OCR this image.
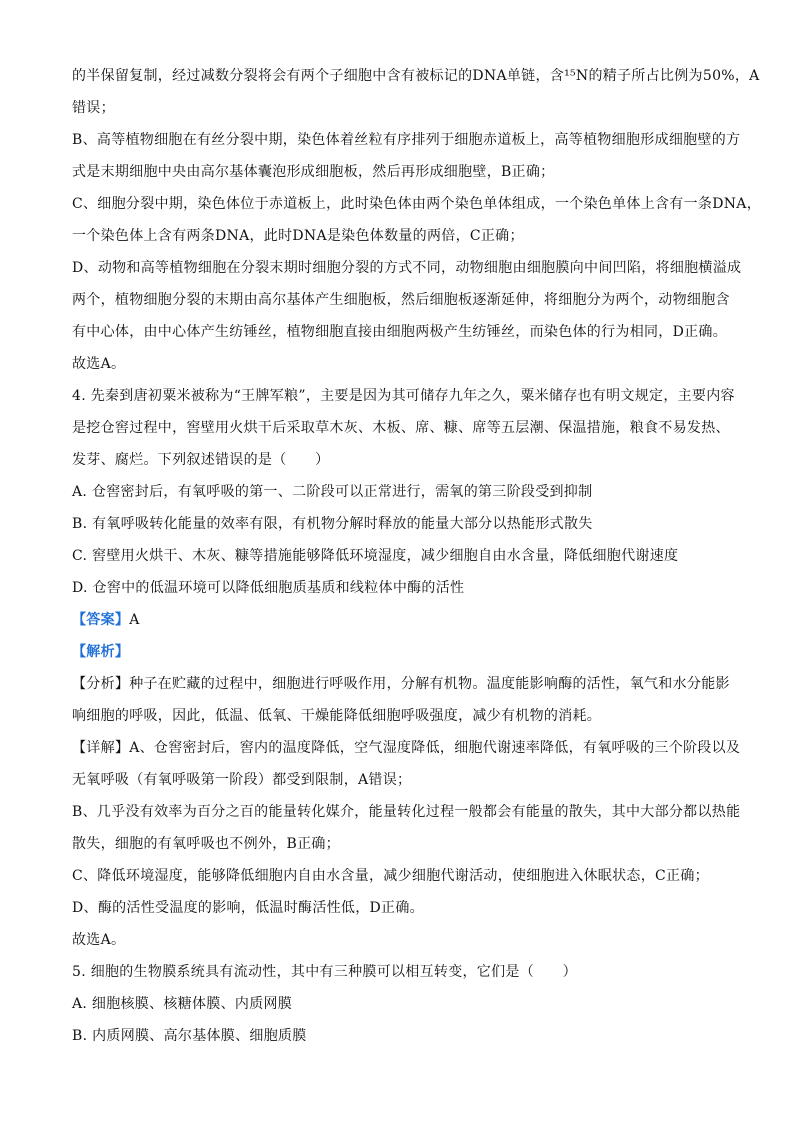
的半保留复制，经过减数分裂将会有两个子细胞中含有被标记的DNA单链，含¹⁵N的精子所占比例为50%，A
错误；
B、高等植物细胞在有丝分裂中期，染色体着丝粒有序排列于细胞赤道板上，高等植物细胞形成细胞壁的方
式是末期细胞中央由高尔基体囊泡形成细胞板，然后再形成细胞壁，B正确；
C、细胞分裂中期，染色体位于赤道板上，此时染色体由两个染色单体组成，一个染色单体上含有一条DNA，
一个染色体上含有两条DNA，此时DNA是染色体数量的两倍，C正确；
D、动物和高等植物细胞在分裂末期时细胞分裂的方式不同，动物细胞由细胞膜向中间凹陷，将细胞横溢成
两个，植物细胞分裂的末期由高尔基体产生细胞板，然后细胞板逐渐延伸，将细胞分为两个，动物细胞含
有中心体，由中心体产生纺锤丝，植物细胞直接由细胞两极产生纺锤丝，而染色体的行为相同，D正确。
故选A。
4. 先秦到唐初粟米被称为“王牌军粮”，主要是因为其可储存九年之久，粟米储存也有明文规定，主要内容
是挖仓窖过程中，窖壁用火烘干后采取草木灰、木板、席、糠、席等五层潮、保温措施，粮食不易发热、
发芽、腐烂。下列叙述错误的是（　　）
A. 仓窖密封后，有氧呼吸的第一、二阶段可以正常进行，需氧的第三阶段受到抑制
B. 有氧呼吸转化能量的效率有限，有机物分解时释放的能量大部分以热能形式散失
C. 窖壁用火烘干、木灰、糠等措施能够降低环境湿度，减少细胞自由水含量，降低细胞代谢速度
D. 仓窖中的低温环境可以降低细胞质基质和线粒体中酶的活性
【答案】A
【解析】
【分析】种子在贮藏的过程中，细胞进行呼吸作用，分解有机物。温度能影响酶的活性，氧气和水分能影
响细胞的呼吸，因此，低温、低氧、干燥能降低细胞呼吸强度，减少有机物的消耗。
【详解】A、仓窖密封后，窖内的温度降低，空气湿度降低，细胞代谢速率降低，有氧呼吸的三个阶段以及
无氧呼吸（有氧呼吸第一阶段）都受到限制，A错误；
B、几乎没有效率为百分之百的能量转化媒介，能量转化过程一般都会有能量的散失，其中大部分都以热能
散失，细胞的有氧呼吸也不例外，B正确；
C、降低环境湿度，能够降低细胞内自由水含量，减少细胞代谢活动，使细胞进入休眠状态，C正确；
D、酶的活性受温度的影响，低温时酶活性低，D正确。
故选A。
5. 细胞的生物膜系统具有流动性，其中有三种膜可以相互转变，它们是（　　）
A. 细胞核膜、核糖体膜、内质网膜
B. 内质网膜、高尔基体膜、细胞质膜
